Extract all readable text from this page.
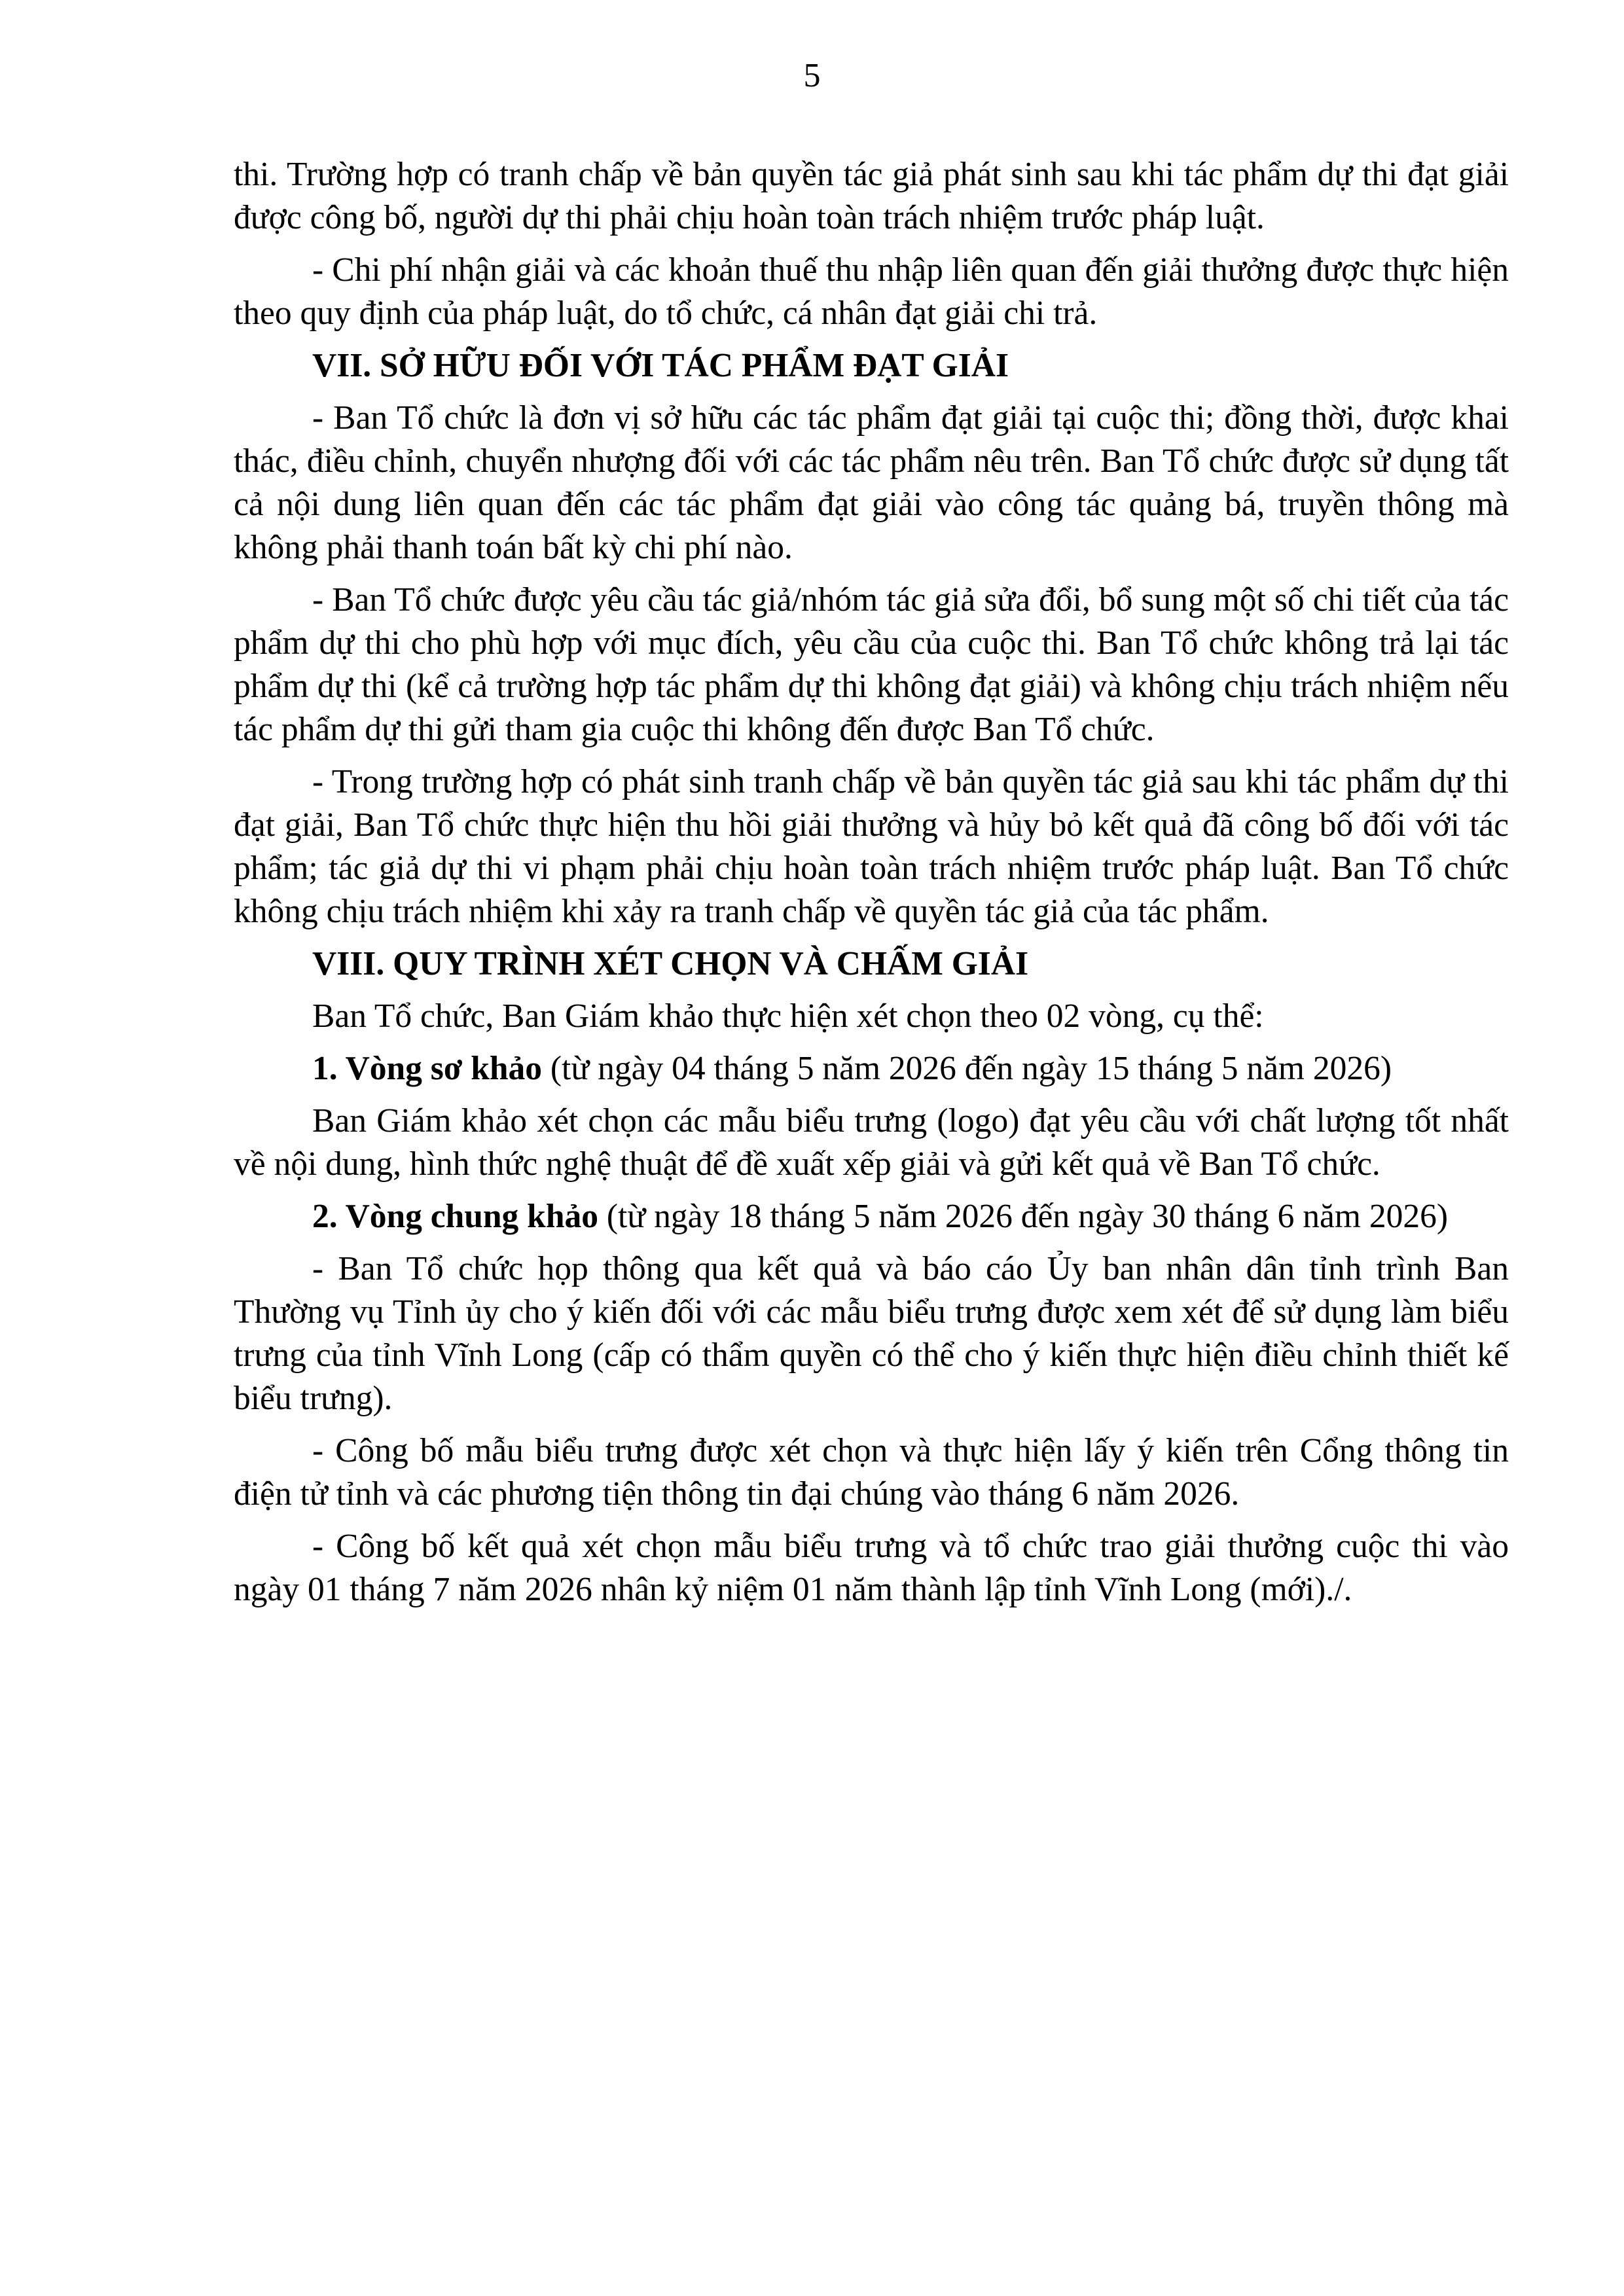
5

thi. Trường hợp có tranh chấp về bản quyền tác giả phát sinh sau khi tác phẩm dự thi đạt giải được công bố, người dự thi phải chịu hoàn toàn trách nhiệm trước pháp luật.

- Chi phí nhận giải và các khoản thuế thu nhập liên quan đến giải thưởng được thực hiện theo quy định của pháp luật, do tổ chức, cá nhân đạt giải chi trả.

VII. SỞ HỮU ĐỐI VỚI TÁC PHẨM ĐẠT GIẢI

- Ban Tổ chức là đơn vị sở hữu các tác phẩm đạt giải tại cuộc thi; đồng thời, được khai thác, điều chỉnh, chuyển nhượng đối với các tác phẩm nêu trên. Ban Tổ chức được sử dụng tất cả nội dung liên quan đến các tác phẩm đạt giải vào công tác quảng bá, truyền thông mà không phải thanh toán bất kỳ chi phí nào.

- Ban Tổ chức được yêu cầu tác giả/nhóm tác giả sửa đổi, bổ sung một số chi tiết của tác phẩm dự thi cho phù hợp với mục đích, yêu cầu của cuộc thi. Ban Tổ chức không trả lại tác phẩm dự thi (kể cả trường hợp tác phẩm dự thi không đạt giải) và không chịu trách nhiệm nếu tác phẩm dự thi gửi tham gia cuộc thi không đến được Ban Tổ chức.

- Trong trường hợp có phát sinh tranh chấp về bản quyền tác giả sau khi tác phẩm dự thi đạt giải, Ban Tổ chức thực hiện thu hồi giải thưởng và hủy bỏ kết quả đã công bố đối với tác phẩm; tác giả dự thi vi phạm phải chịu hoàn toàn trách nhiệm trước pháp luật. Ban Tổ chức không chịu trách nhiệm khi xảy ra tranh chấp về quyền tác giả của tác phẩm.

VIII. QUY TRÌNH XÉT CHỌN VÀ CHẤM GIẢI

Ban Tổ chức, Ban Giám khảo thực hiện xét chọn theo 02 vòng, cụ thể:

1. Vòng sơ khảo (từ ngày 04 tháng 5 năm 2026 đến ngày 15 tháng 5 năm 2026)

Ban Giám khảo xét chọn các mẫu biểu trưng (logo) đạt yêu cầu với chất lượng tốt nhất về nội dung, hình thức nghệ thuật để đề xuất xếp giải và gửi kết quả về Ban Tổ chức.

2. Vòng chung khảo (từ ngày 18 tháng 5 năm 2026 đến ngày 30 tháng 6 năm 2026)

- Ban Tổ chức họp thông qua kết quả và báo cáo Ủy ban nhân dân tỉnh trình Ban Thường vụ Tỉnh ủy cho ý kiến đối với các mẫu biểu trưng được xem xét để sử dụng làm biểu trưng của tỉnh Vĩnh Long (cấp có thẩm quyền có thể cho ý kiến thực hiện điều chỉnh thiết kế biểu trưng).

- Công bố mẫu biểu trưng được xét chọn và thực hiện lấy ý kiến trên Cổng thông tin điện tử tỉnh và các phương tiện thông tin đại chúng vào tháng 6 năm 2026.

- Công bố kết quả xét chọn mẫu biểu trưng và tổ chức trao giải thưởng cuộc thi vào ngày 01 tháng 7 năm 2026 nhân kỷ niệm 01 năm thành lập tỉnh Vĩnh Long (mới)./.
